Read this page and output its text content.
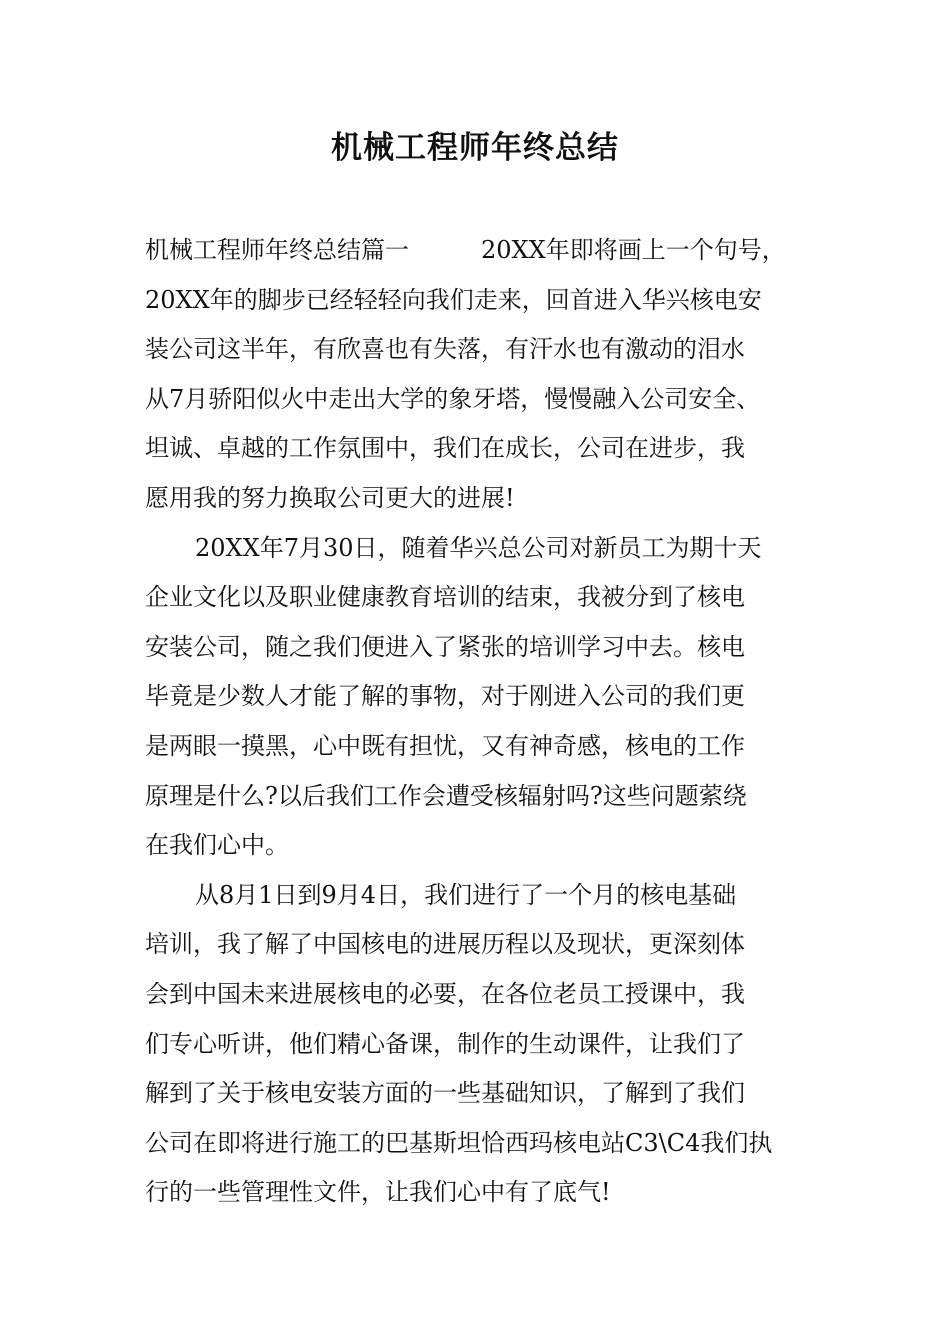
机械工程师年终总结
机械工程师年终总结篇一　　　20XX年即将画上一个句号，
20XX年的脚步已经轻轻向我们走来，回首进入华兴核电安
装公司这半年，有欣喜也有失落，有汗水也有激动的泪水
从7月骄阳似火中走出大学的象牙塔，慢慢融入公司安全、
坦诚、卓越的工作氛围中，我们在成长，公司在进步，我
愿用我的努力换取公司更大的进展!
20XX年7月30日，随着华兴总公司对新员工为期十天
企业文化以及职业健康教育培训的结束，我被分到了核电
安装公司，随之我们便进入了紧张的培训学习中去。核电
毕竟是少数人才能了解的事物，对于刚进入公司的我们更
是两眼一摸黑，心中既有担忧，又有神奇感，核电的工作
原理是什么?以后我们工作会遭受核辐射吗?这些问题萦绕
在我们心中。
从8月1日到9月4日，我们进行了一个月的核电基础
培训，我了解了中国核电的进展历程以及现状，更深刻体
会到中国未来进展核电的必要，在各位老员工授课中，我
们专心听讲，他们精心备课，制作的生动课件，让我们了
解到了关于核电安装方面的一些基础知识，了解到了我们
公司在即将进行施工的巴基斯坦恰西玛核电站C3\C4我们执
行的一些管理性文件，让我们心中有了底气!
